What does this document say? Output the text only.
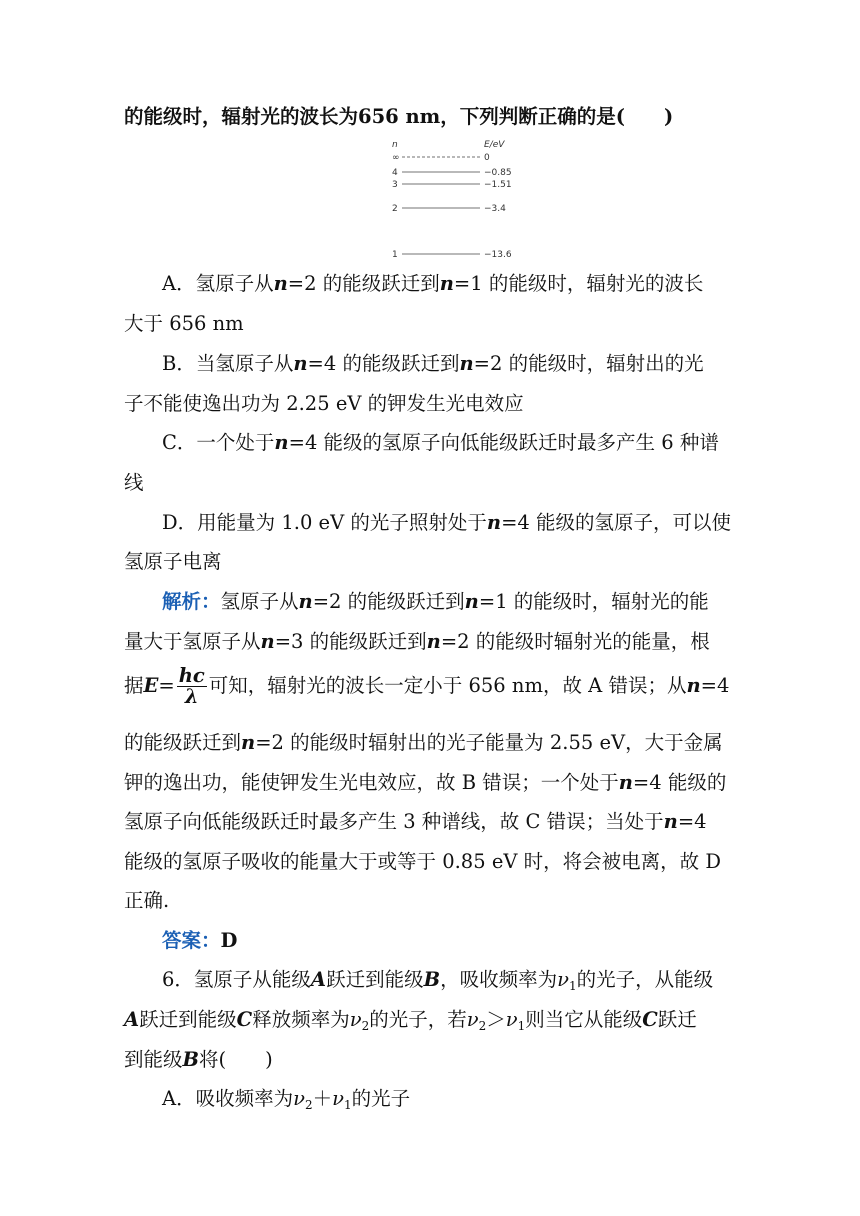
的能级时，辐射光的波长为656 nm，下列判断正确的是(　　)
n	E/eV
∞	0
4	−0.85
3	−1.51
2	−3.4
1	−13.6
A．氢原子从n=2 的能级跃迁到n=1 的能级时，辐射光的波长
大于 656 nm
B．当氢原子从n=4 的能级跃迁到n=2 的能级时，辐射出的光
子不能使逸出功为 2.25 eV 的钾发生光电效应
C．一个处于n=4 能级的氢原子向低能级跃迁时最多产生 6 种谱
线
D．用能量为 1.0 eV 的光子照射处于n=4 能级的氢原子，可以使
氢原子电离
解析：氢原子从n=2 的能级跃迁到n=1 的能级时，辐射光的能
量大于氢原子从n=3 的能级跃迁到n=2 的能级时辐射光的能量，根
据$E= \frac{hc}{\lambda}$ 可知，辐射光的波长一定小于 656 nm，故 A 错误；从n=4
的能级跃迁到n=2 的能级时辐射出的光子能量为 2.55 eV，大于金属
钾的逸出功，能使钾发生光电效应，故 B 错误；一个处于n=4 能级的
氢原子向低能级跃迁时最多产生 3 种谱线，故 C 错误；当处于n=4
能级的氢原子吸收的能量大于或等于 0.85 eV 时，将会被电离，故 D
正确.
答案：D
6．氢原子从能级A跃迁到能级B，吸收频率为$\nu_1$的光子，从能级
A跃迁到能级C释放频率为$\nu_2$的光子，若$\nu_2>\nu_1$则当它从能级C跃迁
到能级B将(　　)
A．吸收频率为$\nu_2+\nu_1$的光子
